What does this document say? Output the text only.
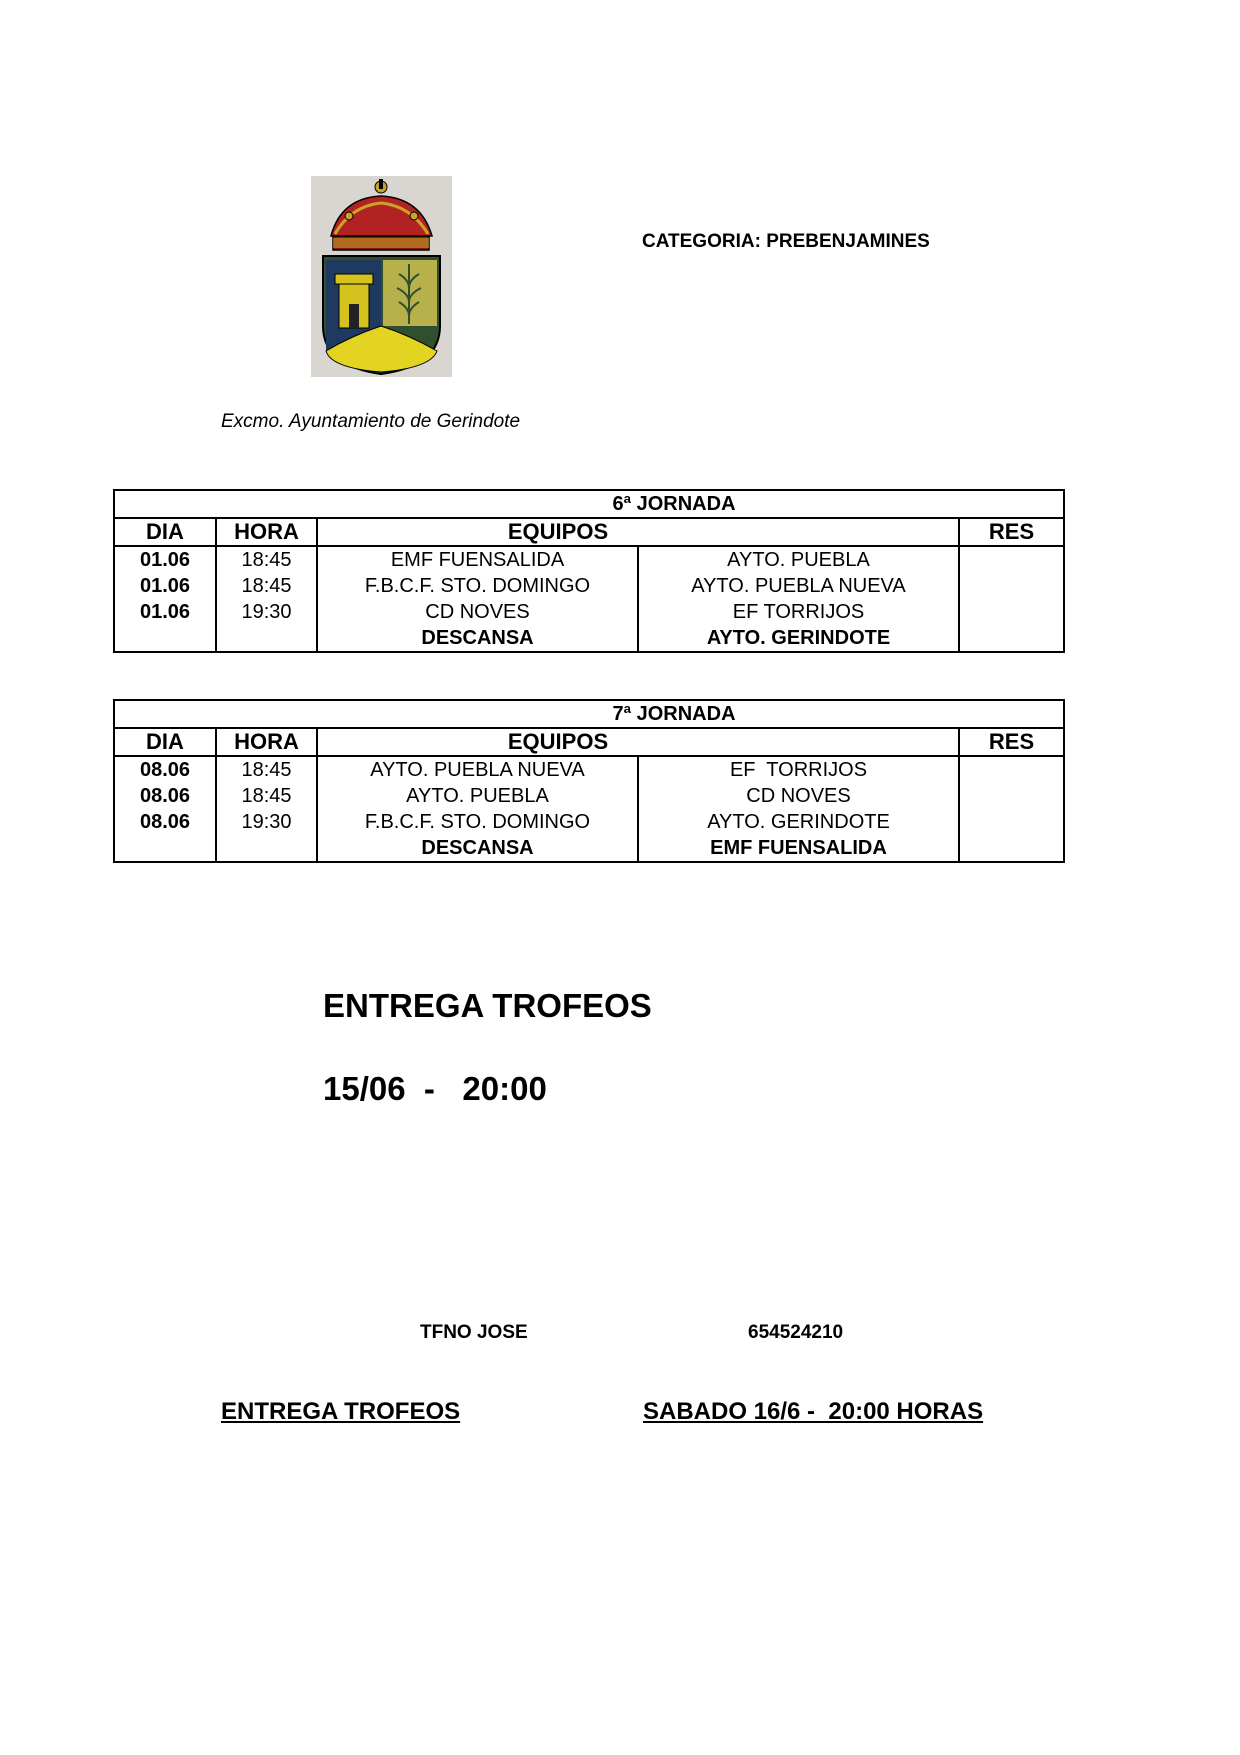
CATEGORIA: PREBENJAMINES
Excmo. Ayuntamiento de Gerindote
6ª JORNADA				
DIA	HORA	EQUIPOS		RES
01.06	18:45	EMF FUENSALIDA	AYTO. PUEBLA	
01.06	18:45	F.B.C.F. STO. DOMINGO	AYTO. PUEBLA NUEVA	
01.06	19:30	CD NOVES	EF TORRIJOS	
		DESCANSA	AYTO. GERINDOTE	
7ª JORNADA				
DIA	HORA	EQUIPOS		RES
08.06	18:45	AYTO. PUEBLA NUEVA	EF  TORRIJOS	
08.06	18:45	AYTO. PUEBLA	CD NOVES	
08.06	19:30	F.B.C.F. STO. DOMINGO	AYTO. GERINDOTE	
		DESCANSA	EMF FUENSALIDA	
ENTREGA TROFEOS
15/06  -   20:00
TFNO JOSE	654524210
ENTREGA TROFEOS	SABADO 16/6 -  20:00 HORAS
